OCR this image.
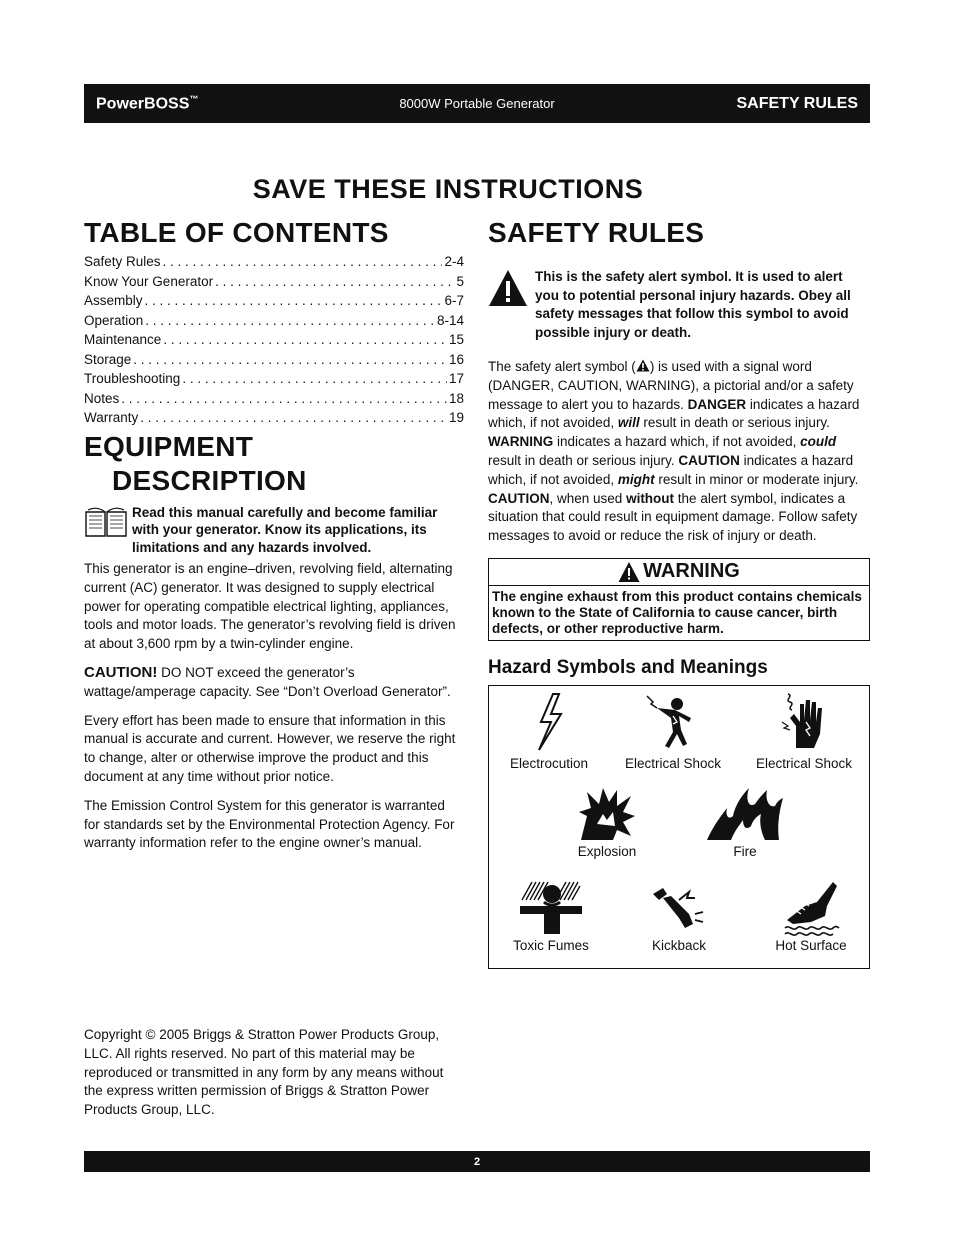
PowerBOSS™	8000W Portable Generator	SAFETY RULES
SAVE THESE INSTRUCTIONS
TABLE OF CONTENTS
Safety Rules . . .	2-4
Know Your Generator . . .	5
Assembly . . .	6-7
Operation . . .	8-14
Maintenance . . .	15
Storage . . .	16
Troubleshooting . . .	17
Notes . . .	18
Warranty . . .	19
EQUIPMENT
DESCRIPTION
Read this manual carefully and become familiar with your generator. Know its applications, its limitations and any hazards involved.

This generator is an engine–driven, revolving field, alternating current (AC) generator. It was designed to supply electrical power for operating compatible electrical lighting, appliances, tools and motor loads. The generator’s revolving field is driven at about 3,600 rpm by a twin-cylinder engine.

CAUTION! DO NOT exceed the generator’s wattage/amperage capacity. See “Don’t Overload Generator”.

Every effort has been made to ensure that information in this manual is accurate and current. However, we reserve the right to change, alter or otherwise improve the product and this document at any time without prior notice.

The Emission Control System for this generator is warranted for standards set by the Environmental Protection Agency. For warranty information refer to the engine owner’s manual.

Copyright © 2005 Briggs & Stratton Power Products Group, LLC. All rights reserved. No part of this material may be reproduced or transmitted in any form by any means without the express written permission of Briggs & Stratton Power Products Group, LLC.
SAFETY RULES
This is the safety alert symbol. It is used to alert you to potential personal injury hazards. Obey all safety messages that follow this symbol to avoid possible injury or death.

The safety alert symbol ( ) is used with a signal word (DANGER, CAUTION, WARNING), a pictorial and/or a safety message to alert you to hazards. DANGER indicates a hazard which, if not avoided, will result in death or serious injury. WARNING indicates a hazard which, if not avoided, could result in death or serious injury. CAUTION indicates a hazard which, if not avoided, might result in minor or moderate injury. CAUTION, when used without the alert symbol, indicates a situation that could result in equipment damage. Follow safety messages to avoid or reduce the risk of injury or death.

WARNING
The engine exhaust from this product contains chemicals known to the State of California to cause cancer, birth defects, or other reproductive harm.
Hazard Symbols and Meanings
Electrocution	Electrical Shock	Electrical Shock
Explosion	Fire
Toxic Fumes	Kickback	Hot Surface
2
